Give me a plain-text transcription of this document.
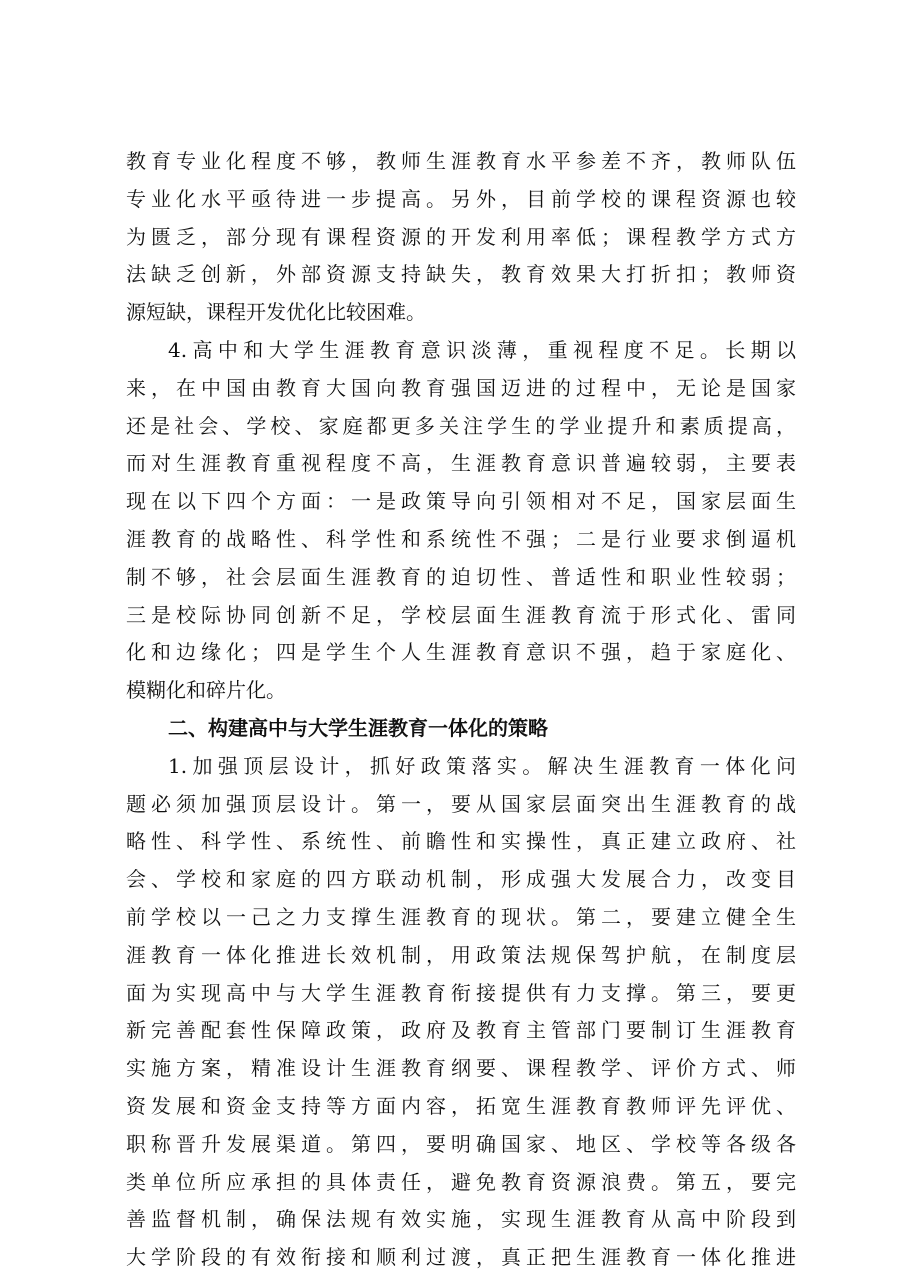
教育专业化程度不够，教师生涯教育水平参差不齐，教师队伍
专业化水平亟待进一步提高。另外，目前学校的课程资源也较
为匮乏，部分现有课程资源的开发利用率低；课程教学方式方
法缺乏创新，外部资源支持缺失，教育效果大打折扣；教师资
源短缺，课程开发优化比较困难。
4.高中和大学生涯教育意识淡薄，重视程度不足。长期以
来，在中国由教育大国向教育强国迈进的过程中，无论是国家
还是社会、学校、家庭都更多关注学生的学业提升和素质提高，
而对生涯教育重视程度不高，生涯教育意识普遍较弱，主要表
现在以下四个方面：一是政策导向引领相对不足，国家层面生
涯教育的战略性、科学性和系统性不强；二是行业要求倒逼机
制不够，社会层面生涯教育的迫切性、普适性和职业性较弱；
三是校际协同创新不足，学校层面生涯教育流于形式化、雷同
化和边缘化；四是学生个人生涯教育意识不强，趋于家庭化、
模糊化和碎片化。
二、构建高中与大学生涯教育一体化的策略
1.加强顶层设计，抓好政策落实。解决生涯教育一体化问
题必须加强顶层设计。第一，要从国家层面突出生涯教育的战
略性、科学性、系统性、前瞻性和实操性，真正建立政府、社
会、学校和家庭的四方联动机制，形成强大发展合力，改变目
前学校以一己之力支撑生涯教育的现状。第二，要建立健全生
涯教育一体化推进长效机制，用政策法规保驾护航，在制度层
面为实现高中与大学生涯教育衔接提供有力支撑。第三，要更
新完善配套性保障政策，政府及教育主管部门要制订生涯教育
实施方案，精准设计生涯教育纲要、课程教学、评价方式、师
资发展和资金支持等方面内容，拓宽生涯教育教师评先评优、
职称晋升发展渠道。第四，要明确国家、地区、学校等各级各
类单位所应承担的具体责任，避免教育资源浪费。第五，要完
善监督机制，确保法规有效实施，实现生涯教育从高中阶段到
大学阶段的有效衔接和顺利过渡，真正把生涯教育一体化推进
